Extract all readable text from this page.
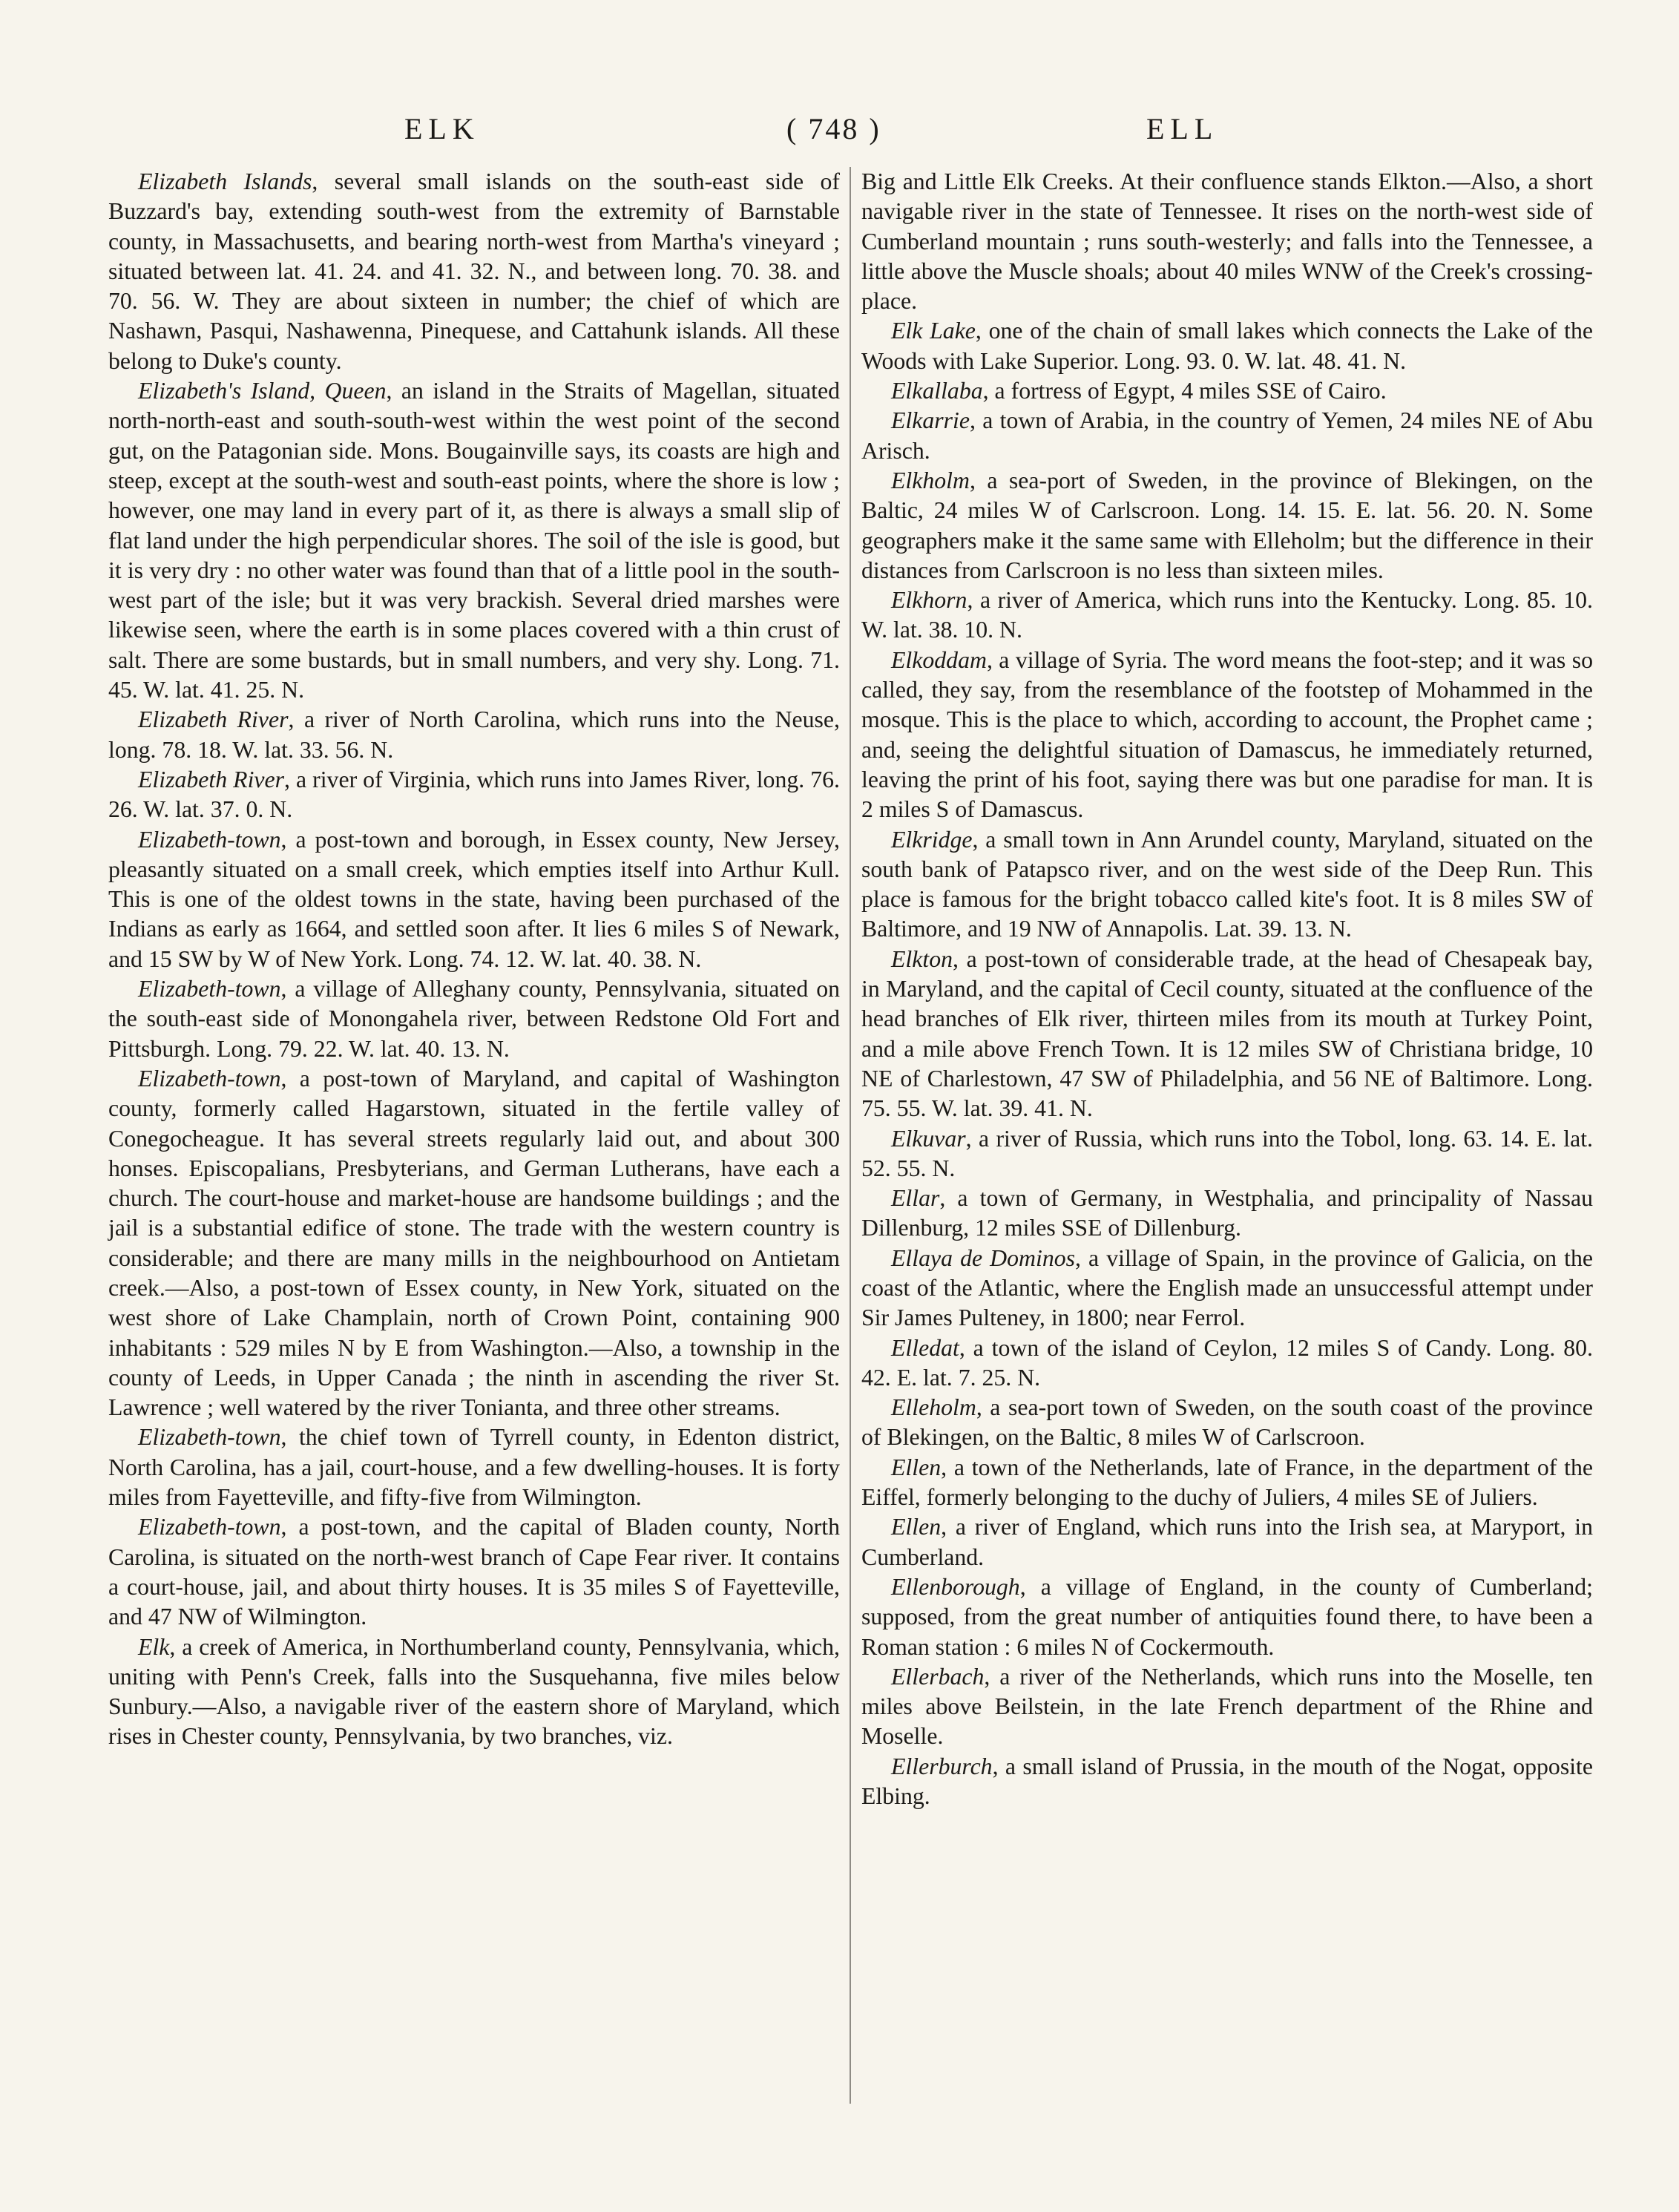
ELK	( 748 )	ELL

Elizabeth Islands, several small islands on the south-east side of Buzzard's bay, extending south-west from the extremity of Barnstable county, in Massachusetts, and bearing north-west from Martha's vineyard ; situated between lat. 41. 24. and 41. 32. N., and between long. 70. 38. and 70. 56. W. They are about sixteen in number; the chief of which are Nashawn, Pasqui, Nashawenna, Pinequese, and Cattahunk islands. All these belong to Duke's county.

Elizabeth's Island, Queen, an island in the Straits of Magellan, situated north-north-east and south-south-west within the west point of the second gut, on the Patagonian side. Mons. Bougainville says, its coasts are high and steep, except at the south-west and south-east points, where the shore is low ; however, one may land in every part of it, as there is always a small slip of flat land under the high perpendicular shores. The soil of the isle is good, but it is very dry : no other water was found than that of a little pool in the south-west part of the isle; but it was very brackish. Several dried marshes were likewise seen, where the earth is in some places covered with a thin crust of salt. There are some bustards, but in small numbers, and very shy. Long. 71. 45. W. lat. 41. 25. N.

Elizabeth River, a river of North Carolina, which runs into the Neuse, long. 78. 18. W. lat. 33. 56. N.

Elizabeth River, a river of Virginia, which runs into James River, long. 76. 26. W. lat. 37. 0. N.

Elizabeth-town, a post-town and borough, in Essex county, New Jersey, pleasantly situated on a small creek, which empties itself into Arthur Kull. This is one of the oldest towns in the state, having been purchased of the Indians as early as 1664, and settled soon after. It lies 6 miles S of Newark, and 15 SW by W of New York. Long. 74. 12. W. lat. 40. 38. N.

Elizabeth-town, a village of Alleghany county, Pennsylvania, situated on the south-east side of Monongahela river, between Redstone Old Fort and Pittsburgh. Long. 79. 22. W. lat. 40. 13. N.

Elizabeth-town, a post-town of Maryland, and capital of Washington county, formerly called Hagarstown, situated in the fertile valley of Conegocheague. It has several streets regularly laid out, and about 300 honses. Episcopalians, Presbyterians, and German Lutherans, have each a church. The court-house and market-house are handsome buildings ; and the jail is a substantial edifice of stone. The trade with the western country is considerable; and there are many mills in the neighbourhood on Antietam creek.—Also, a post-town of Essex county, in New York, situated on the west shore of Lake Champlain, north of Crown Point, containing 900 inhabitants : 529 miles N by E from Washington.—Also, a township in the county of Leeds, in Upper Canada ; the ninth in ascending the river St. Lawrence ; well watered by the river Tonianta, and three other streams.

Elizabeth-town, the chief town of Tyrrell county, in Edenton district, North Carolina, has a jail, court-house, and a few dwelling-houses. It is forty miles from Fayetteville, and fifty-five from Wilmington.

Elizabeth-town, a post-town, and the capital of Bladen county, North Carolina, is situated on the north-west branch of Cape Fear river. It contains a court-house, jail, and about thirty houses. It is 35 miles S of Fayetteville, and 47 NW of Wilmington.

Elk, a creek of America, in Northumberland county, Pennsylvania, which, uniting with Penn's Creek, falls into the Susquehanna, five miles below Sunbury.—Also, a navigable river of the eastern shore of Maryland, which rises in Chester county, Pennsylvania, by two branches, viz.

Big and Little Elk Creeks. At their confluence stands Elkton.—Also, a short navigable river in the state of Tennessee. It rises on the north-west side of Cumberland mountain ; runs south-westerly; and falls into the Tennessee, a little above the Muscle shoals; about 40 miles WNW of the Creek's crossing-place.

Elk Lake, one of the chain of small lakes which connects the Lake of the Woods with Lake Superior. Long. 93. 0. W. lat. 48. 41. N.

Elkallaba, a fortress of Egypt, 4 miles SSE of Cairo.

Elkarrie, a town of Arabia, in the country of Yemen, 24 miles NE of Abu Arisch.

Elkholm, a sea-port of Sweden, in the province of Blekingen, on the Baltic, 24 miles W of Carlscroon. Long. 14. 15. E. lat. 56. 20. N. Some geographers make it the same same with Elleholm; but the difference in their distances from Carlscroon is no less than sixteen miles.

Elkhorn, a river of America, which runs into the Kentucky. Long. 85. 10. W. lat. 38. 10. N.

Elkoddam, a village of Syria. The word means the foot-step; and it was so called, they say, from the resemblance of the footstep of Mohammed in the mosque. This is the place to which, according to account, the Prophet came ; and, seeing the delightful situation of Damascus, he immediately returned, leaving the print of his foot, saying there was but one paradise for man. It is 2 miles S of Damascus.

Elkridge, a small town in Ann Arundel county, Maryland, situated on the south bank of Patapsco river, and on the west side of the Deep Run. This place is famous for the bright tobacco called kite's foot. It is 8 miles SW of Baltimore, and 19 NW of Annapolis. Lat. 39. 13. N.

Elkton, a post-town of considerable trade, at the head of Chesapeak bay, in Maryland, and the capital of Cecil county, situated at the confluence of the head branches of Elk river, thirteen miles from its mouth at Turkey Point, and a mile above French Town. It is 12 miles SW of Christiana bridge, 10 NE of Charlestown, 47 SW of Philadelphia, and 56 NE of Baltimore. Long. 75. 55. W. lat. 39. 41. N.

Elkuvar, a river of Russia, which runs into the Tobol, long. 63. 14. E. lat. 52. 55. N.

Ellar, a town of Germany, in Westphalia, and principality of Nassau Dillenburg, 12 miles SSE of Dillenburg.

Ellaya de Dominos, a village of Spain, in the province of Galicia, on the coast of the Atlantic, where the English made an unsuccessful attempt under Sir James Pulteney, in 1800; near Ferrol.

Elledat, a town of the island of Ceylon, 12 miles S of Candy. Long. 80. 42. E. lat. 7. 25. N.

Elleholm, a sea-port town of Sweden, on the south coast of the province of Blekingen, on the Baltic, 8 miles W of Carlscroon.

Ellen, a town of the Netherlands, late of France, in the department of the Eiffel, formerly belonging to the duchy of Juliers, 4 miles SE of Juliers.

Ellen, a river of England, which runs into the Irish sea, at Maryport, in Cumberland.

Ellenborough, a village of England, in the county of Cumberland; supposed, from the great number of antiquities found there, to have been a Roman station : 6 miles N of Cockermouth.

Ellerbach, a river of the Netherlands, which runs into the Moselle, ten miles above Beilstein, in the late French department of the Rhine and Moselle.

Ellerburch, a small island of Prussia, in the mouth of the Nogat, opposite Elbing.
